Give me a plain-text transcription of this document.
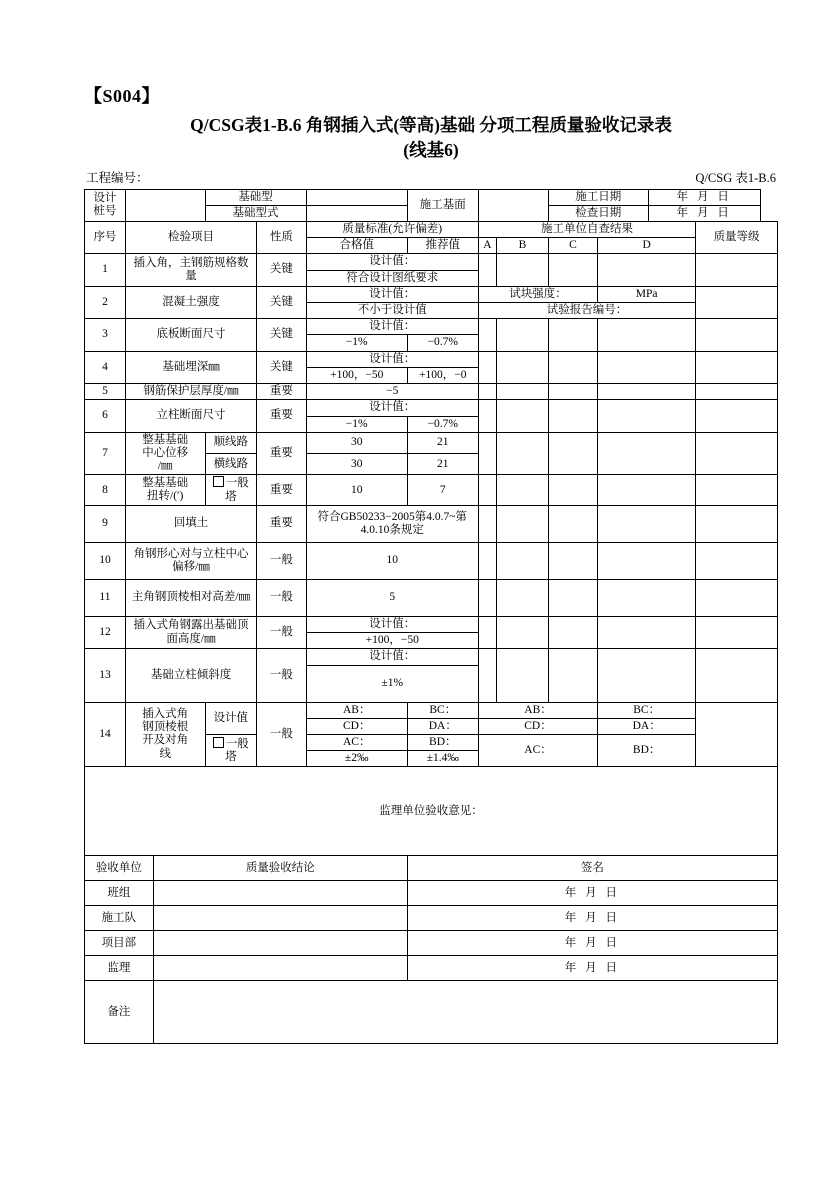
【S004】
Q/CSG表1-B.6 角钢插入式(等高)基础 分项工程质量验收记录表
(线基6)
工程编号：	Q/CSG 表1-B.6
设计
桩号			基础型			施工基面			施工日期		年 月 日	
			基础型式						检查日期		年 月 日	
序号	检验项目			性质	质量标准(允许偏差)		施工单位自查结果					质量等级
					合格值	推荐值	A	B	C	D		
1	插入角，主钢筋规格数量			关键	设计值：							
					符合设计图纸要求							
2	混凝土强度			关键	设计值：		试块强度：			MPa		
					不小于设计值		试验报告编号：					
3	底板断面尺寸			关键	设计值：							
					−1%	−0.7%						
4	基础埋深㎜			关键	设计值：							
					+100，−50	+100，−0						
5	钢筋保护层厚度/㎜			重要	−5							
6	立柱断面尺寸			重要	设计值：							
					−1%	−0.7%						
7	整基基础
中心位移
/㎜		顺线路	重要	30	21						
			横线路		30	21						
8	整基基础
扭转/(′)		一般塔	重要	10	7						
9	回填土			重要	符合GB50233−2005第4.0.7~第4.0.10条规定							
10	角钢形心对与立柱中心偏移/㎜			一般	10							
11	主角钢顶棱相对高差/㎜			一般	5							
12	插入式角钢露出基础顶面高度/㎜			一般	设计值：							
					+100，−50							
13	基础立柱倾斜度			一般	设计值：							
					±1%							
14	插入式角
钢顶棱根
开及对角
线		设计值	一般	AB：	BC：	AB：			BC：		
					CD：	DA：	CD：			DA：		
			一般塔		AC：	BD：	AC：			BD：		
					±2‰	±1.4‰						
监理单位验收意见：												
验收单位		质量验收结论				签名						
班组						年 月 日						
施工队						年 月 日						
项目部						年 月 日						
监理						年 月 日						
备注												
